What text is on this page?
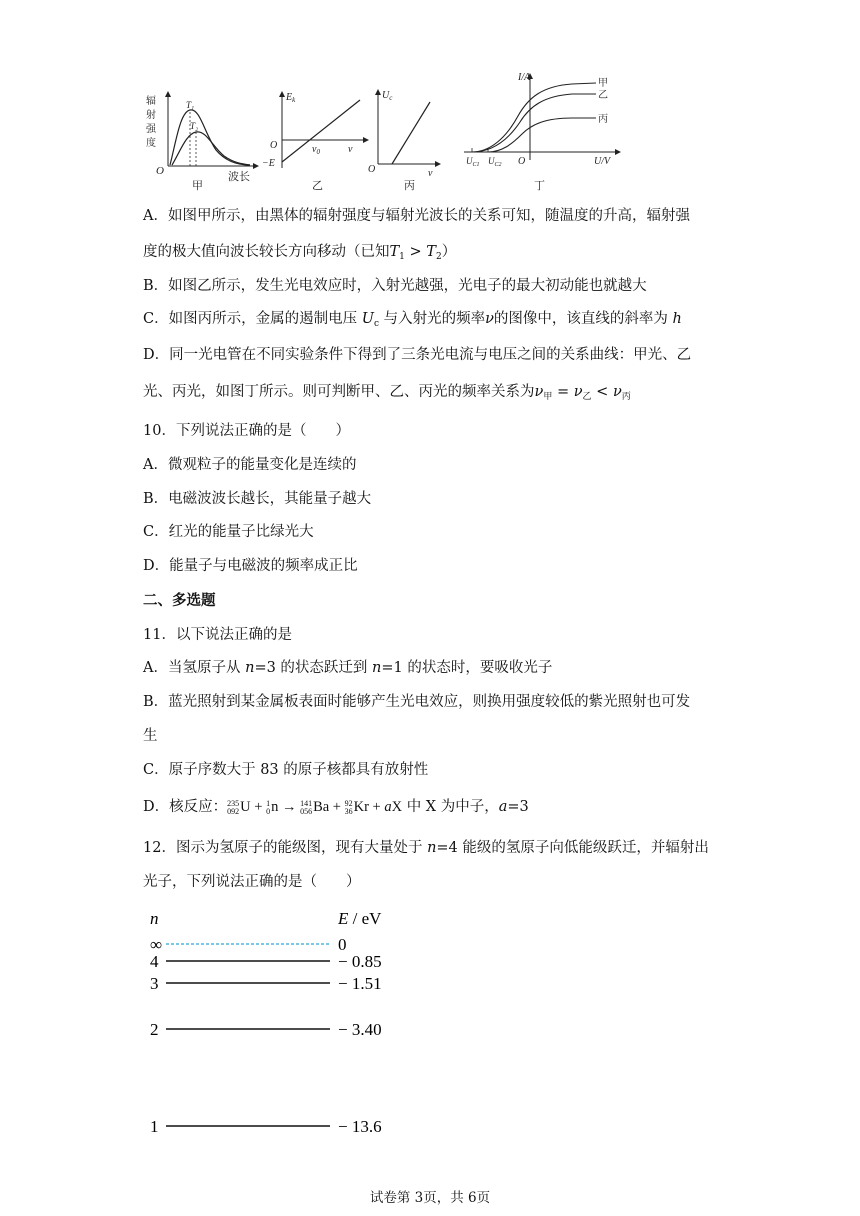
辐
射
强
度
O
T₁
T₂
波长
甲
$E_k$
O
−E
$\nu_0$	ν
乙
$U_c$
O	ν
丙
I/A
甲
乙
丙
$U_{C1}$ $U_{C2}$ O	U/V
丁
A．如图甲所示，由黑体的辐射强度与辐射光波长的关系可知，随温度的升高，辐射强
度的极大值向波长较长方向移动（已知$T_1 > T_2$）
B．如图乙所示，发生光电效应时，入射光越强，光电子的最大初动能也就越大
C．如图丙所示，金属的遏制电压 $U_c$ 与入射光的频率ν的图像中，该直线的斜率为 h
D．同一光电管在不同实验条件下得到了三条光电流与电压之间的关系曲线：甲光、乙
光、丙光，如图丁所示。则可判断甲、乙、丙光的频率关系为$\nu_甲 = \nu_乙 < \nu_丙$
10．下列说法正确的是（　　）
A．微观粒子的能量变化是连续的
B．电磁波波长越长，其能量子越大
C．红光的能量子比绿光大
D．能量子与电磁波的频率成正比
二、多选题
11．以下说法正确的是
A．当氢原子从 n=3 的状态跃迁到 n=1 的状态时，要吸收光子
B．蓝光照射到某金属板表面时能够产生光电效应，则换用强度较低的紫光照射也可发
生
C．原子序数大于 83 的原子核都具有放射性
D．核反应：235
092U + 1
0n → 141
056Ba + 92
36Kr + aX 中 X 为中子，a=3
12．图示为氢原子的能级图，现有大量处于 n=4 能级的氢原子向低能级跃迁，并辐射出
光子，下列说法正确的是（　　）
n	E / eV
∞	0
4	− 0.85
3	− 1.51
2	− 3.40
1	− 13.6
试卷第 3页，共 6页
